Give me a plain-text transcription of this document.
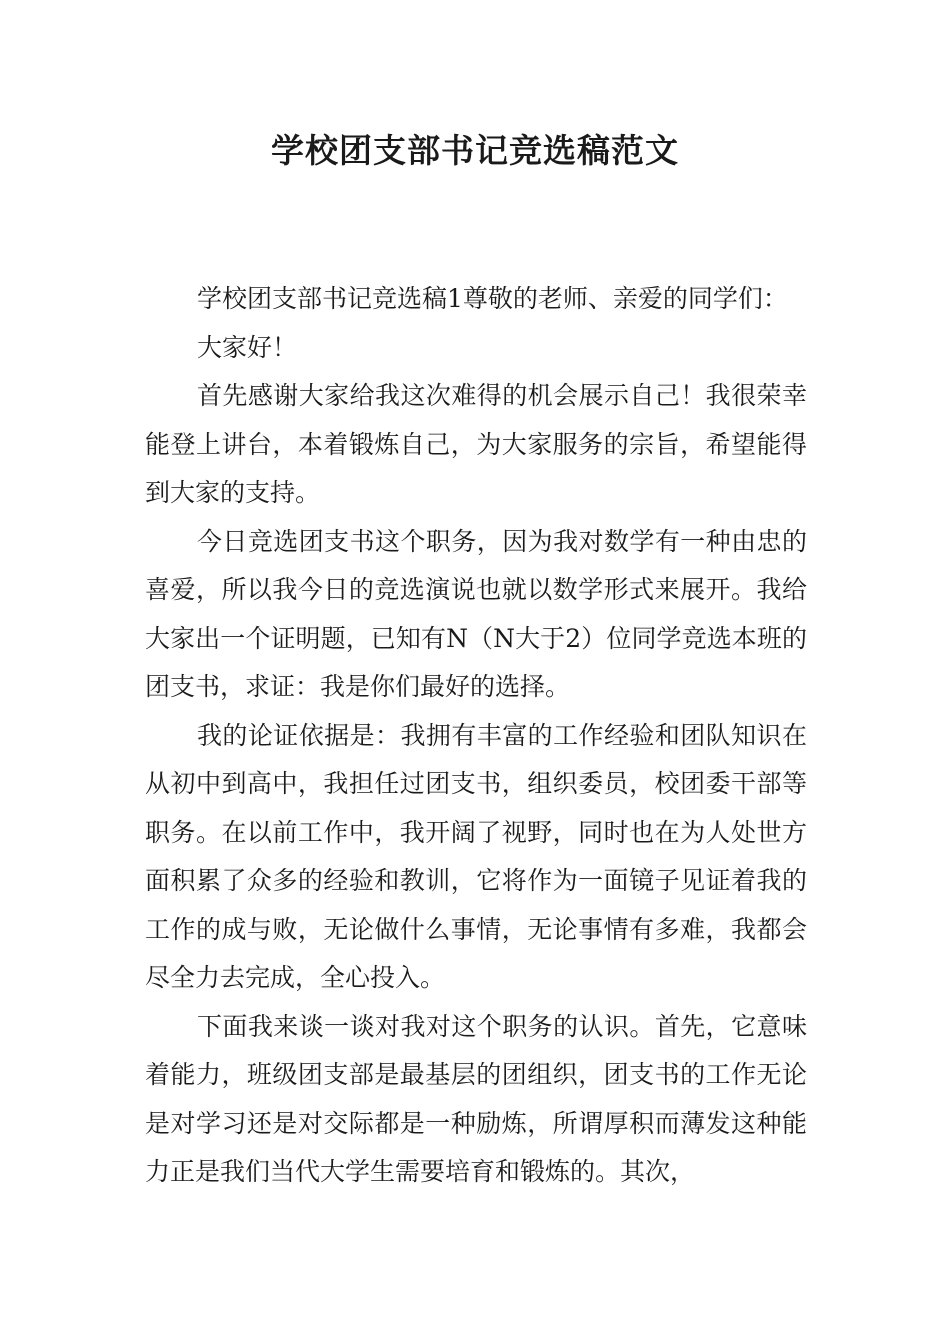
学校团支部书记竞选稿范文

学校团支部书记竞选稿1尊敬的老师、亲爱的同学们：

大家好！

首先感谢大家给我这次难得的机会展示自己！我很荣幸能登上讲台，本着锻炼自己，为大家服务的宗旨，希望能得到大家的支持。

今日竞选团支书这个职务，因为我对数学有一种由忠的喜爱，所以我今日的竞选演说也就以数学形式来展开。我给大家出一个证明题，已知有N（N大于2）位同学竞选本班的团支书，求证：我是你们最好的选择。

我的论证依据是：我拥有丰富的工作经验和团队知识在从初中到高中，我担任过团支书，组织委员，校团委干部等职务。在以前工作中，我开阔了视野，同时也在为人处世方面积累了众多的经验和教训，它将作为一面镜子见证着我的工作的成与败，无论做什么事情，无论事情有多难，我都会尽全力去完成，全心投入。

下面我来谈一谈对我对这个职务的认识。首先，它意味着能力，班级团支部是最基层的团组织，团支书的工作无论是对学习还是对交际都是一种励炼，所谓厚积而薄发这种能力正是我们当代大学生需要培育和锻炼的。其次，
